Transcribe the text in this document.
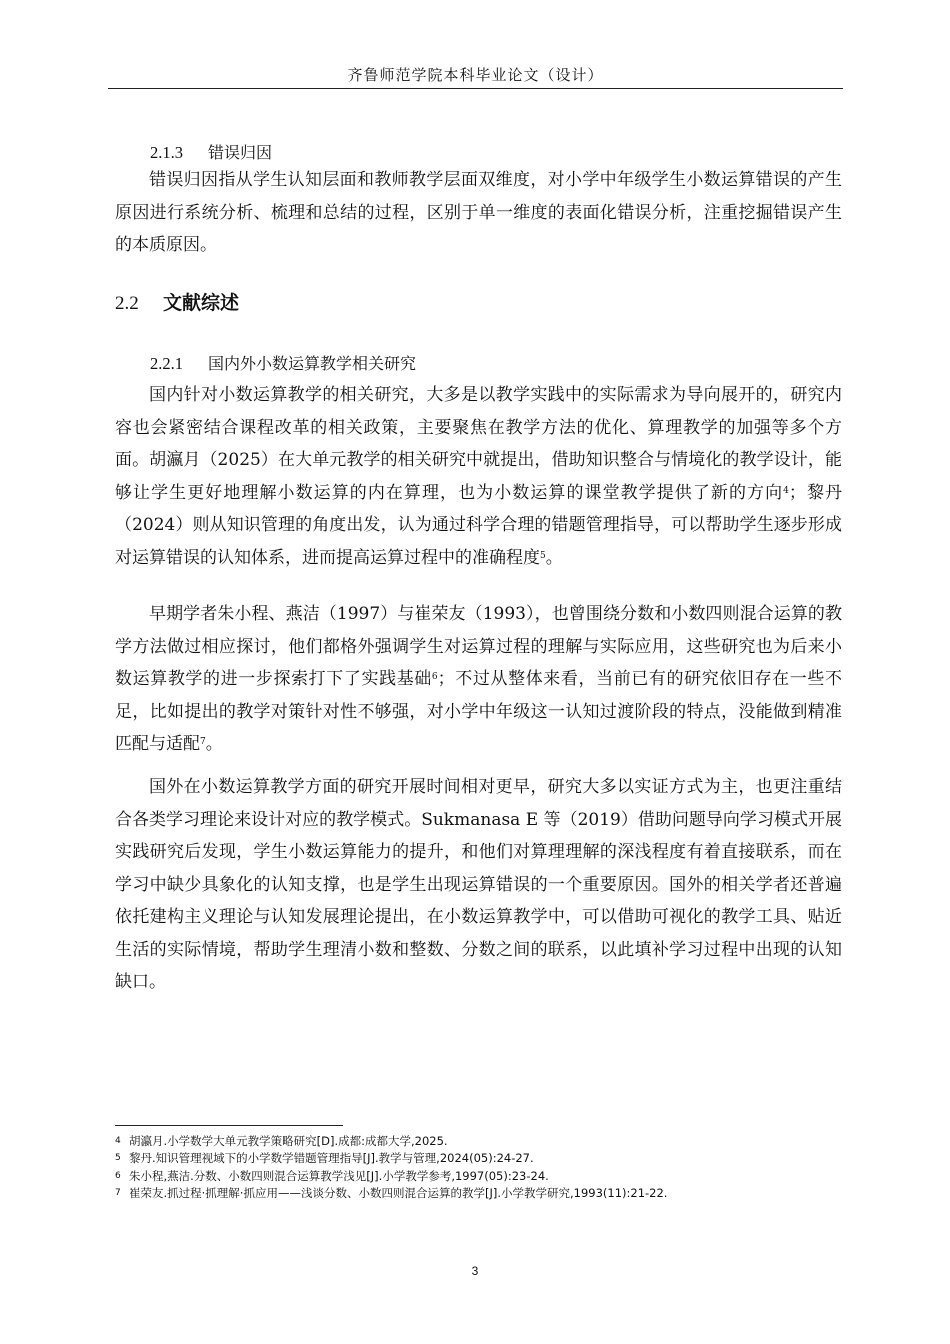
齐鲁师范学院本科毕业论文（设计）
2.1.3 错误归因

错误归因指从学生认知层面和教师教学层面双维度，对小学中年级学生小数运算错误的产生原因进行系统分析、梳理和总结的过程，区别于单一维度的表面化错误分析，注重挖掘错误产生的本质原因。

2.2 文献综述
2.2.1 国内外小数运算教学相关研究

国内针对小数运算教学的相关研究，大多是以教学实践中的实际需求为导向展开的，研究内容也会紧密结合课程改革的相关政策，主要聚焦在教学方法的优化、算理教学的加强等多个方面。胡瀛月（2025）在大单元教学的相关研究中就提出，借助知识整合与情境化的教学设计，能够让学生更好地理解小数运算的内在算理，也为小数运算的课堂教学提供了新的方向$^4$；黎丹（2024）则从知识管理的角度出发，认为通过科学合理的错题管理指导，可以帮助学生逐步形成对运算错误的认知体系，进而提高运算过程中的准确程度$^5$。

早期学者朱小程、燕洁（1997）与崔荣友（1993），也曾围绕分数和小数四则混合运算的教学方法做过相应探讨，他们都格外强调学生对运算过程的理解与实际应用，这些研究也为后来小数运算教学的进一步探索打下了实践基础$^6$；不过从整体来看，当前已有的研究依旧存在一些不足，比如提出的教学对策针对性不够强，对小学中年级这一认知过渡阶段的特点，没能做到精准匹配与适配$^7$。

国外在小数运算教学方面的研究开展时间相对更早，研究大多以实证方式为主，也更注重结合各类学习理论来设计对应的教学模式。Sukmanasa E 等（2019）借助问题导向学习模式开展实践研究后发现，学生小数运算能力的提升，和他们对算理理解的深浅程度有着直接联系，而在学习中缺少具象化的认知支撑，也是学生出现运算错误的一个重要原因。国外的相关学者还普遍依托建构主义理论与认知发展理论提出，在小数运算教学中，可以借助可视化的教学工具、贴近生活的实际情境，帮助学生理清小数和整数、分数之间的联系，以此填补学习过程中出现的认知缺口。

4 胡瀛月.小学数学大单元教学策略研究[D].成都:成都大学,2025.
5 黎丹.知识管理视域下的小学数学错题管理指导[J].教学与管理,2024(05):24-27.
6 朱小程,燕洁.分数、小数四则混合运算教学浅见[J].小学教学参考,1997(05):23-24.
7 崔荣友.抓过程·抓理解·抓应用——浅谈分数、小数四则混合运算的教学[J].小学教学研究,1993(11):21-22.
3
